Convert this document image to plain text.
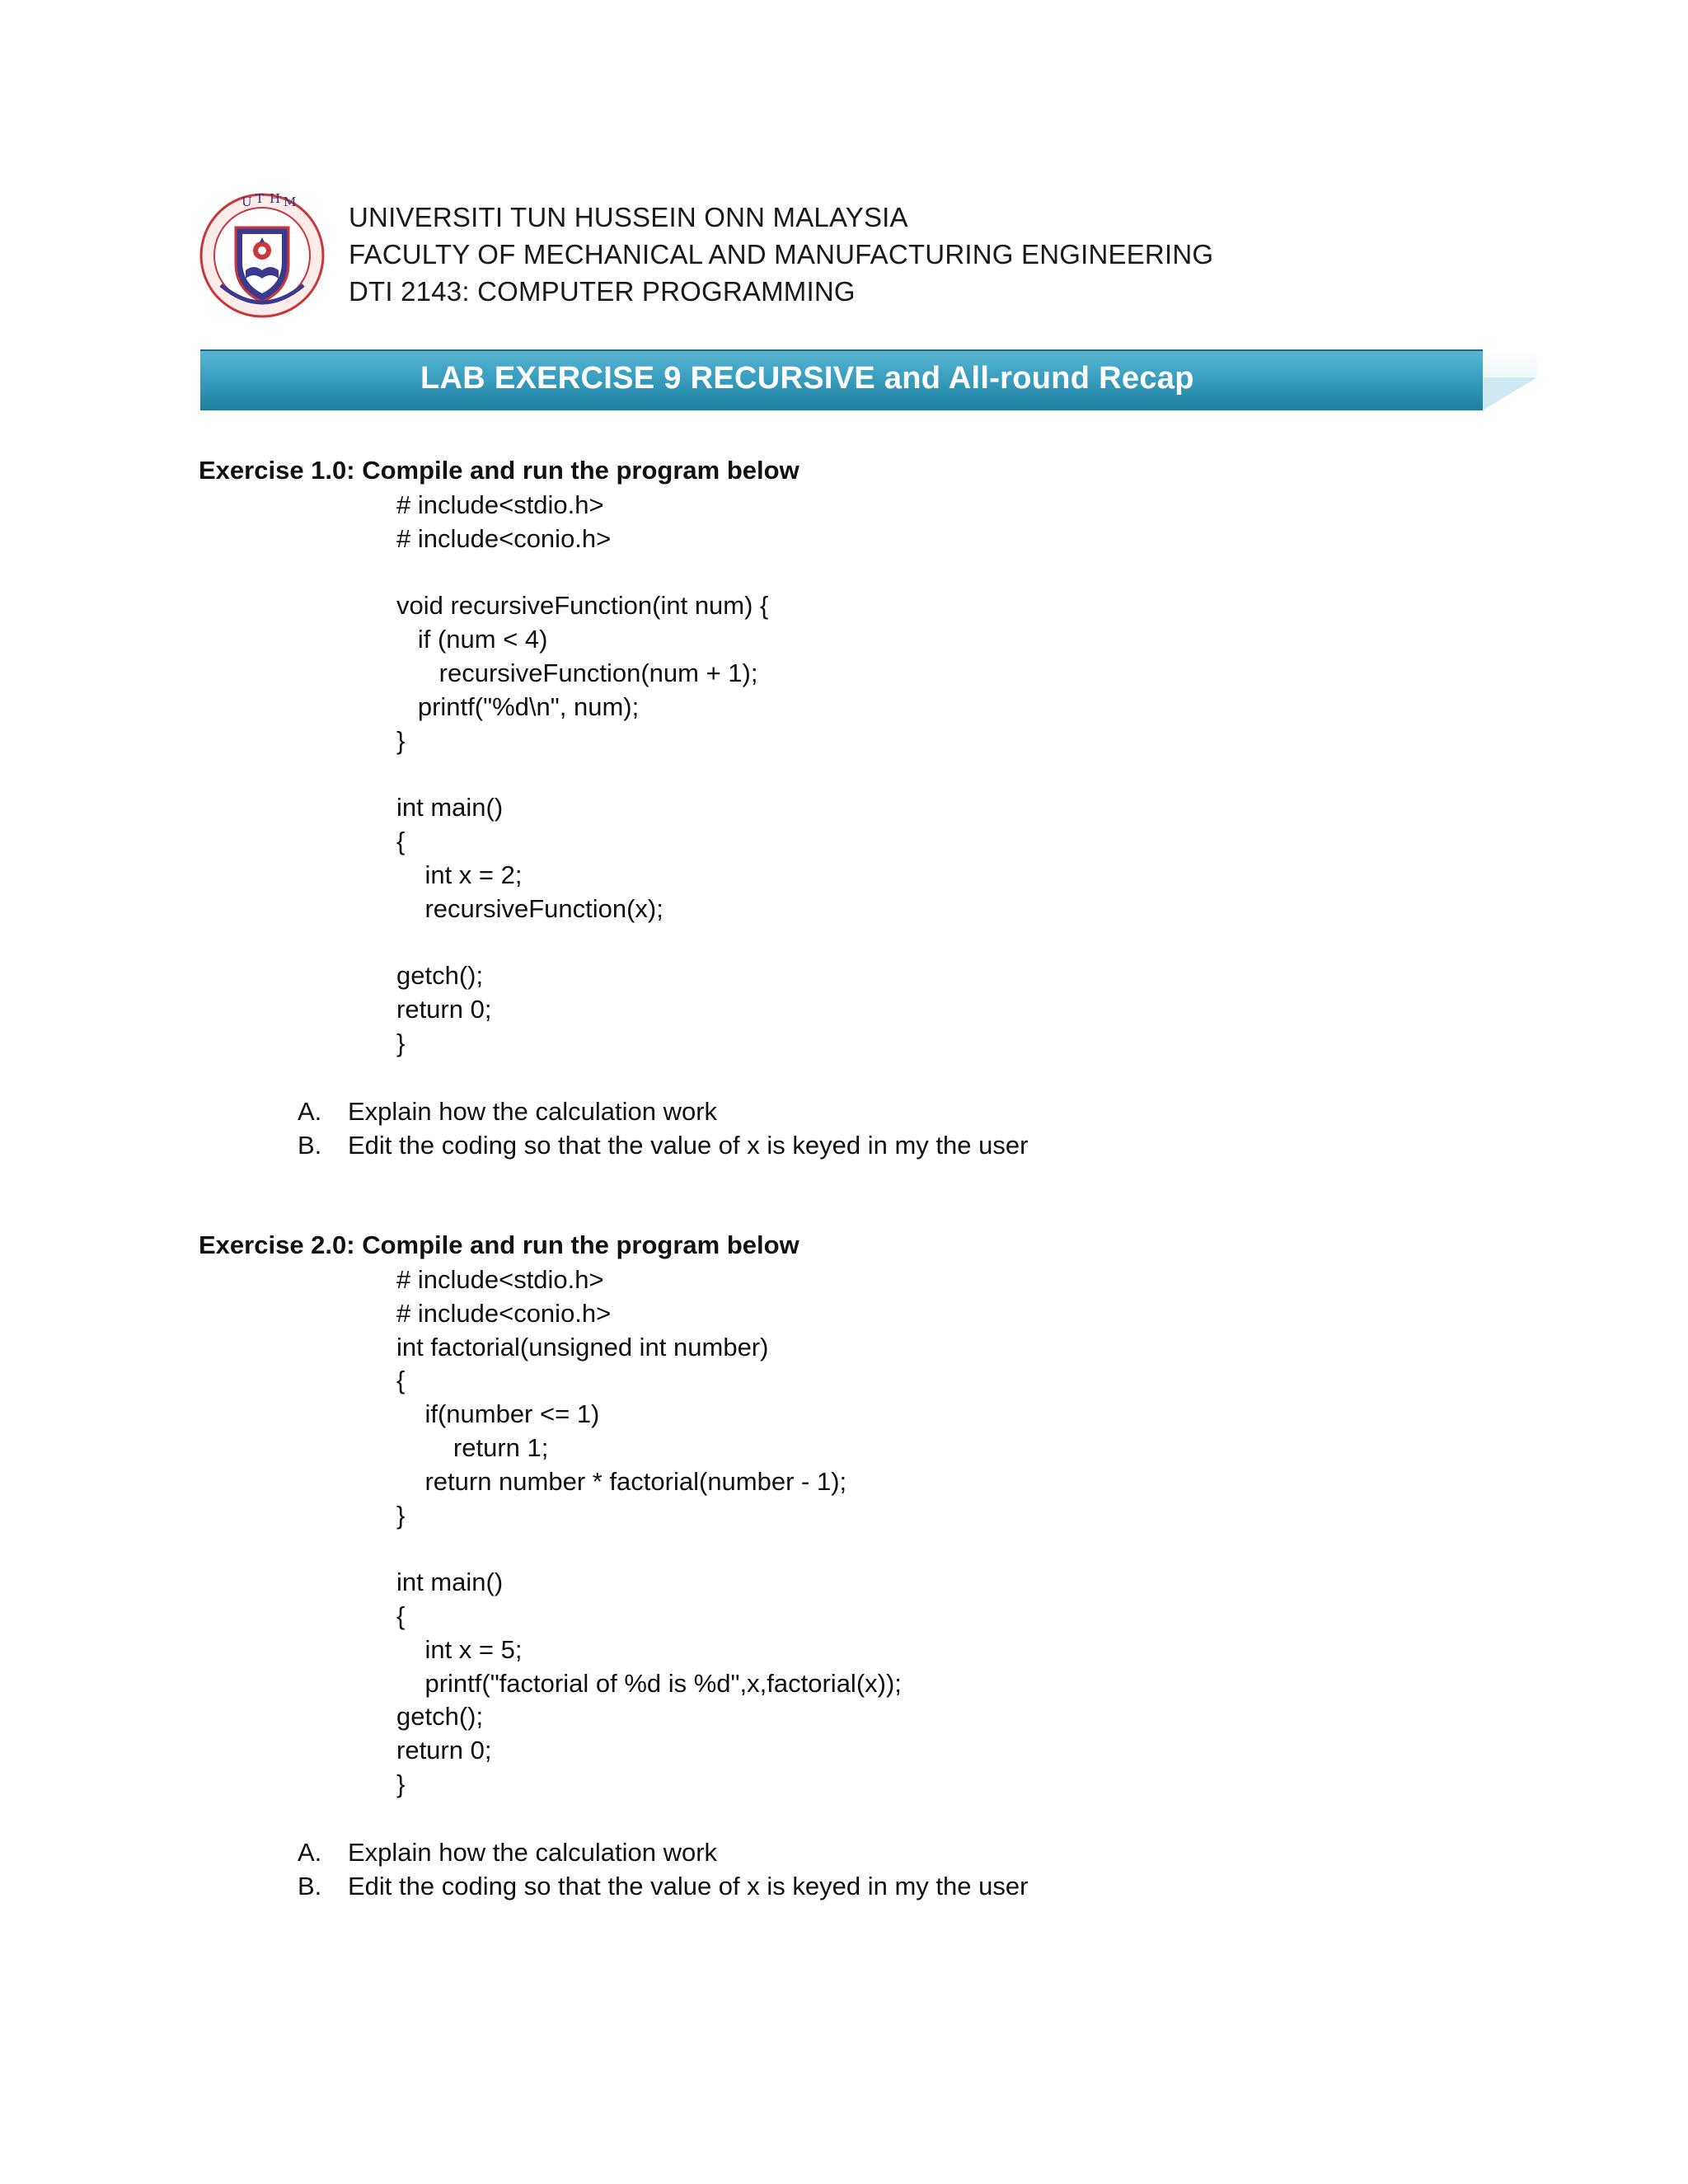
U T H M UNIVERSITI TUN HUSSEIN ONN MALAYSIA
FACULTY OF MECHANICAL AND MANUFACTURING ENGINEERING
DTI 2143: COMPUTER PROGRAMMING
LAB EXERCISE 9 RECURSIVE and All-round Recap
Exercise 1.0: Compile and run the program below
# include<stdio.h>
# include<conio.h>
void recursiveFunction(int num) {
if (num < 4)
recursiveFunction(num + 1);
printf("%d\n", num);
}
int main()
{
int x = 2;
recursiveFunction(x);
getch();
return 0;
}
A. Explain how the calculation work
B. Edit the coding so that the value of x is keyed in my the user
Exercise 2.0: Compile and run the program below
# include<stdio.h>
# include<conio.h>
int factorial(unsigned int number)
{
if(number <= 1)
return 1;
return number * factorial(number - 1);
}
int main()
{
int x = 5;
printf("factorial of %d is %d",x,factorial(x));
getch();
return 0;
}
A. Explain how the calculation work
B. Edit the coding so that the value of x is keyed in my the user
